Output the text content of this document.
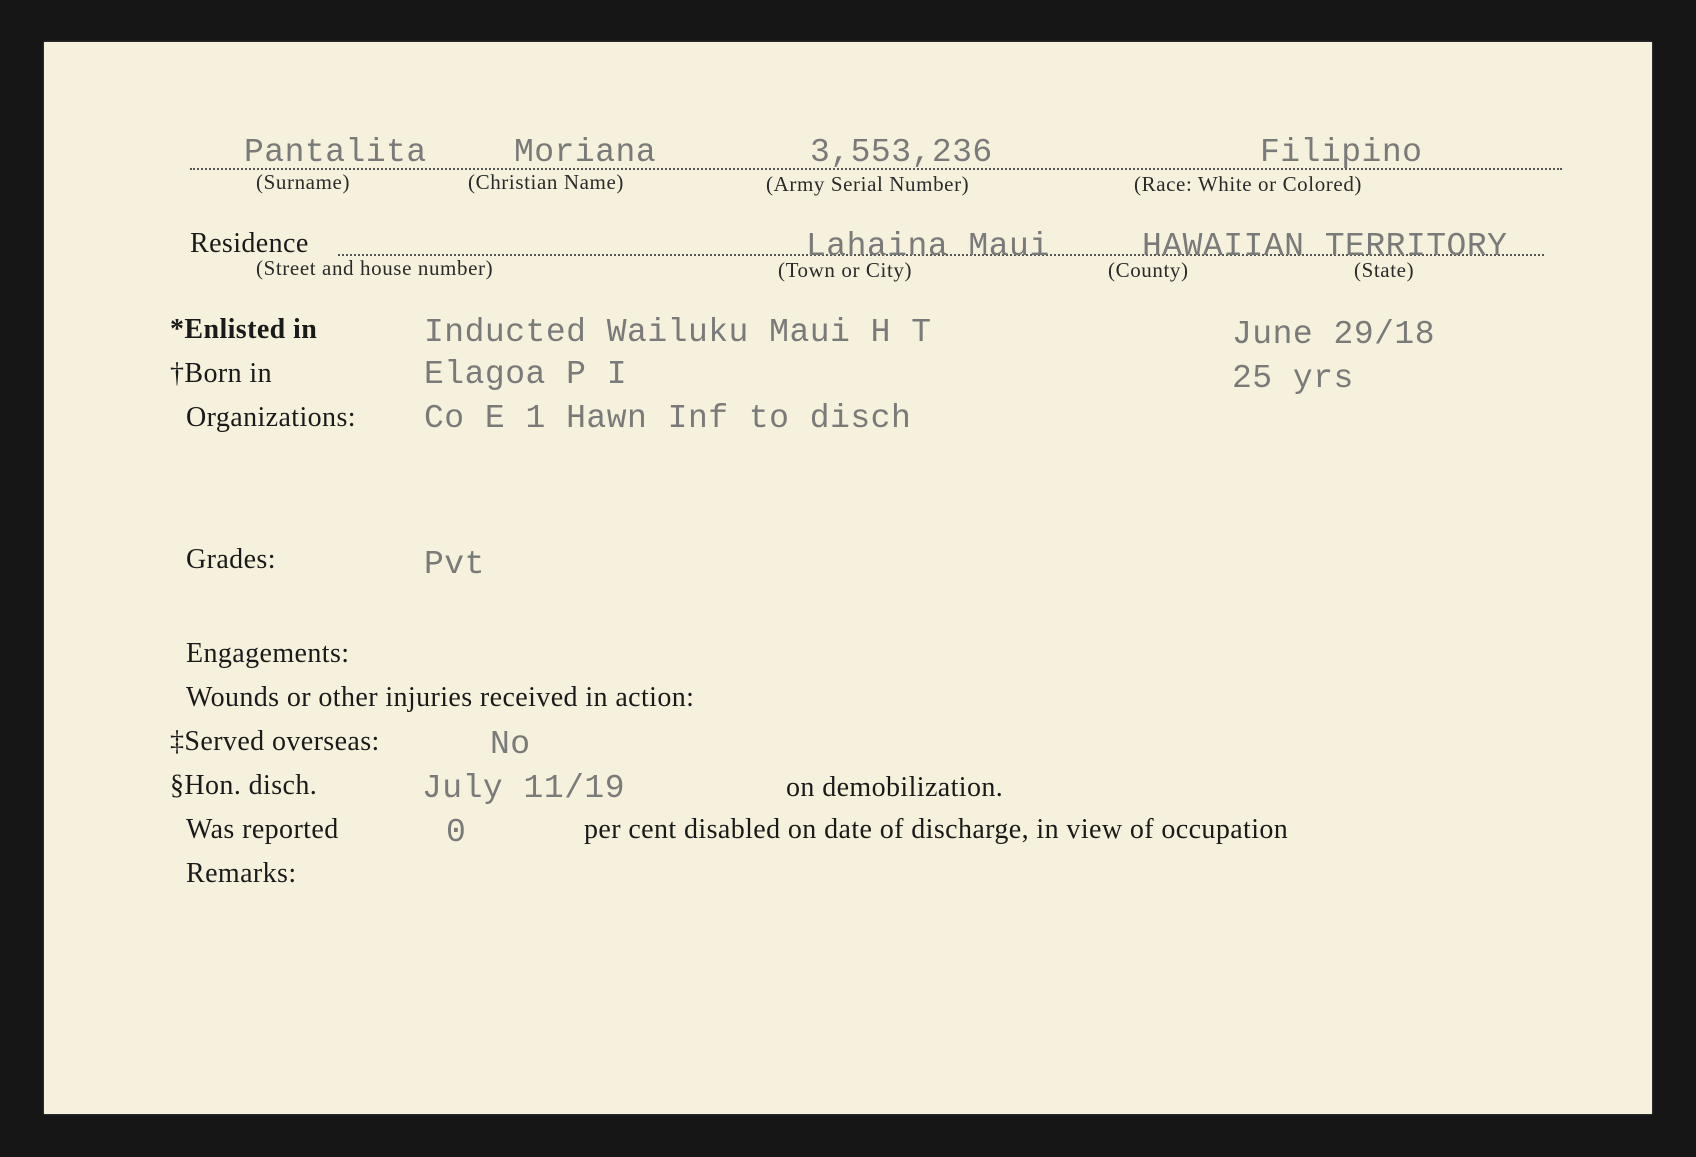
Pantalita	Moriana	3,553,236	Filipino
(Surname)	(Christian Name)	(Army Serial Number)	(Race: White or Colored)
Residence	Lahaina Maui	HAWAIIAN TERRITORY
(Street and house number)	(Town or City)	(County)	(State)
*Enlisted in	Inducted Wailuku Maui H T	June 29/18
†Born in	Elagoa P I	25 yrs
Organizations: Co E 1 Hawn Inf to disch
Grades:	Pvt
Engagements:
Wounds or other injuries received in action:
‡Served overseas:	No
§Hon. disch.	July 11/19	on demobilization.
Was reported	0	per cent disabled on date of discharge, in view of occupation
Remarks:
